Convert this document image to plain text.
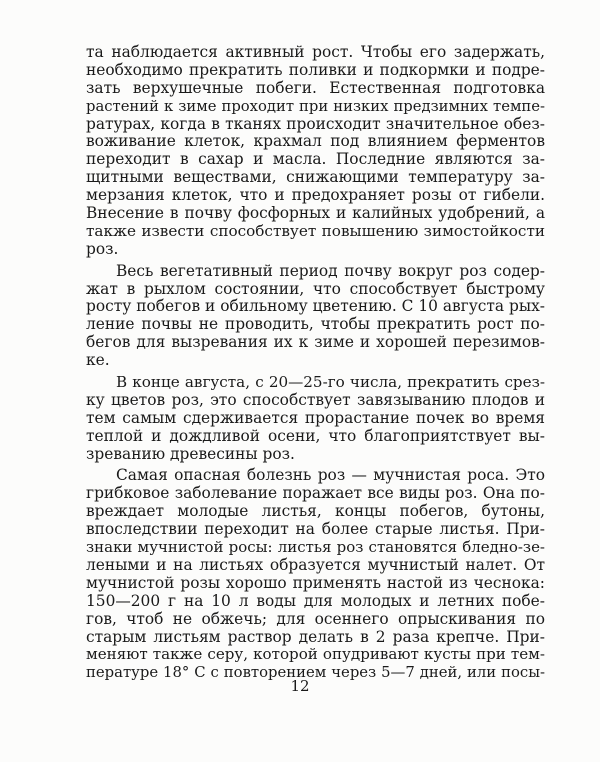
та наблюдается активный рост. Чтобы его задержать,
необходимо прекратить поливки и подкормки и подре-
зать верхушечные побеги. Естественная подготовка
растений к зиме проходит при низких предзимних темпе-
ратурах, когда в тканях происходит значительное обез-
воживание клеток, крахмал под влиянием ферментов
переходит в сахар и масла. Последние являются за-
щитными веществами, снижающими температуру за-
мерзания клеток, что и предохраняет розы от гибели.
Внесение в почву фосфорных и калийных удобрений, а
также извести способствует повышению зимостойкости
роз.
Весь вегетативный период почву вокруг роз содер-
жат в рыхлом состоянии, что способствует быстрому
росту побегов и обильному цветению. С 10 августа рых-
ление почвы не проводить, чтобы прекратить рост по-
бегов для вызревания их к зиме и хорошей перезимов-
ке.
В конце августа, с 20—25-го числа, прекратить срез-
ку цветов роз, это способствует завязыванию плодов и
тем самым сдерживается прорастание почек во время
теплой и дождливой осени, что благоприятствует вы-
зреванию древесины роз.
Самая опасная болезнь роз — мучнистая роса. Это
грибковое заболевание поражает все виды роз. Она по-
вреждает молодые листья, концы побегов, бутоны,
впоследствии переходит на более старые листья. При-
знаки мучнистой росы: листья роз становятся бледно-зе-
леными и на листьях образуется мучнистый налет. От
мучнистой розы хорошо применять настой из чеснока:
150—200 г на 10 л воды для молодых и летних побе-
гов, чтоб не обжечь; для осеннего опрыскивания по
старым листьям раствор делать в 2 раза крепче. При-
меняют также серу, которой опудривают кусты при тем-
пературе 18° С с повторением через 5—7 дней, или посы-
12
